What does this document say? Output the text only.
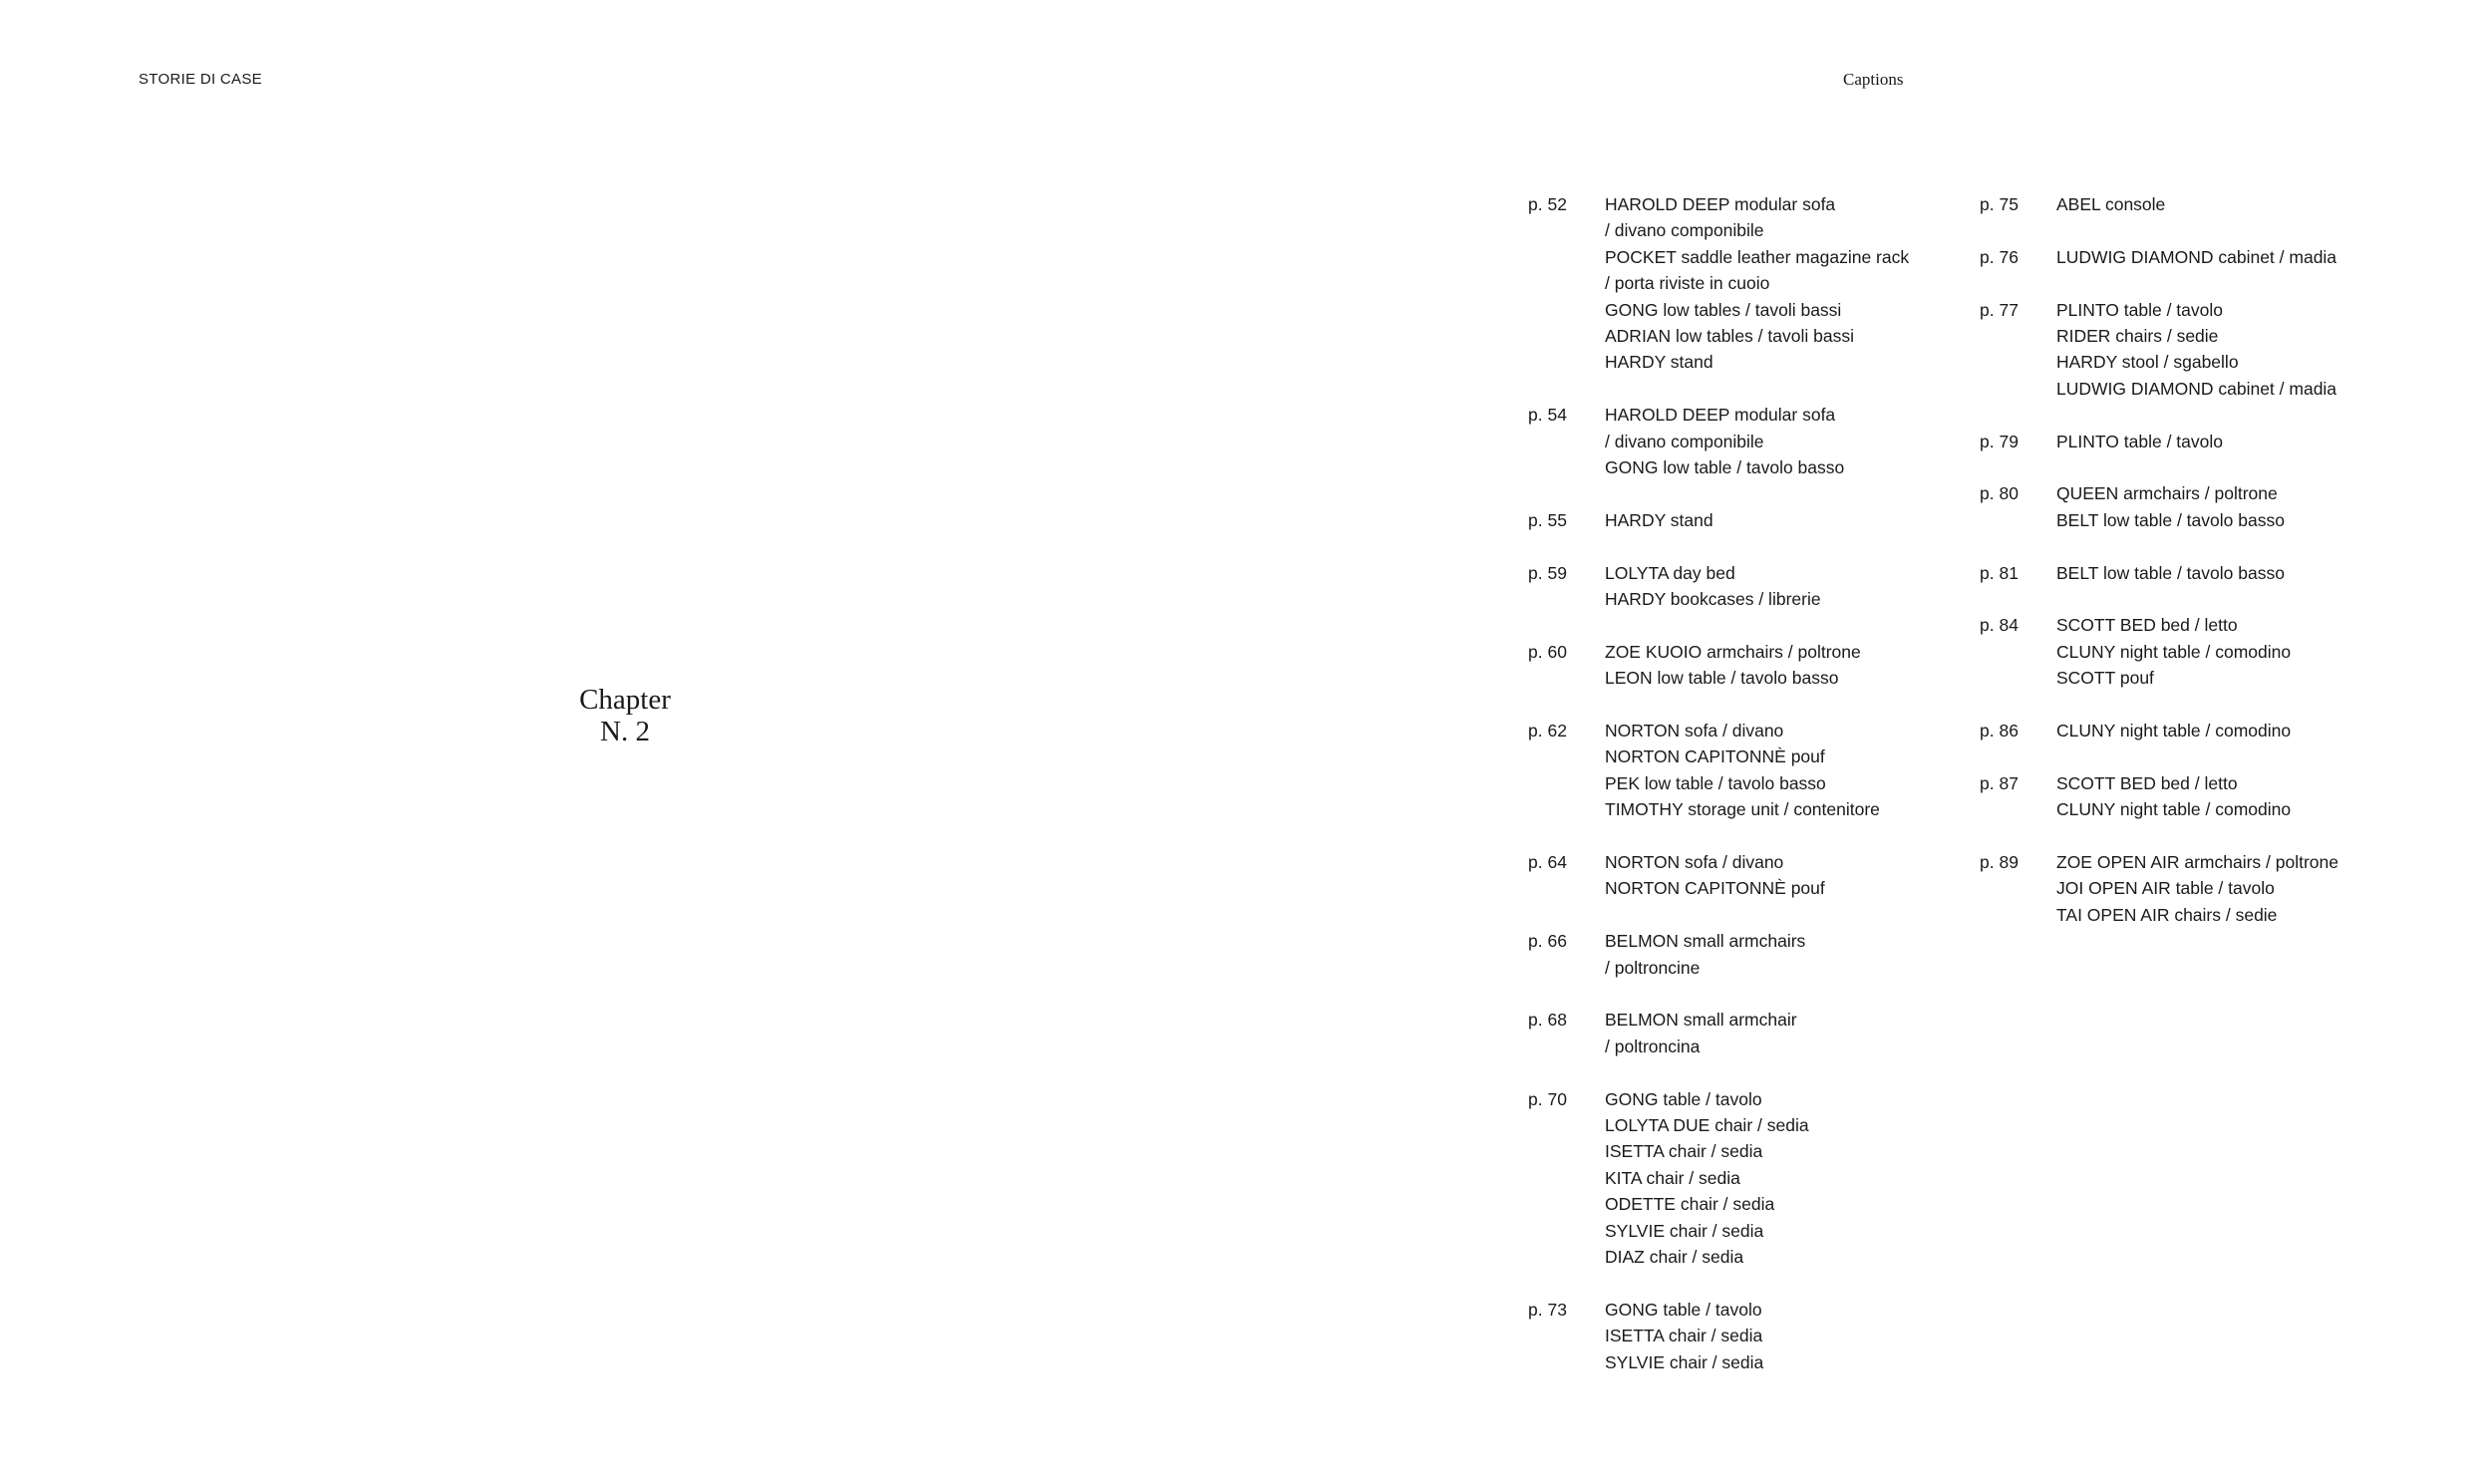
STORIE DI CASE	Captions
Chapter
N. 2
p. 52	HAROLD DEEP modular sofa
/ divano componibile
POCKET saddle leather magazine rack
/ porta riviste in cuoio
GONG low tables / tavoli bassi
ADRIAN low tables / tavoli bassi
HARDY stand
p. 54	HAROLD DEEP modular sofa
/ divano componibile
GONG low table / tavolo basso
p. 55	HARDY stand
p. 59	LOLYTA day bed
HARDY bookcases / librerie
p. 60	ZOE KUOIO armchairs / poltrone
LEON low table / tavolo basso
p. 62	NORTON sofa / divano
NORTON CAPITONNÈ pouf
PEK low table / tavolo basso
TIMOTHY storage unit / contenitore
p. 64	NORTON sofa / divano
NORTON CAPITONNÈ pouf
p. 66	BELMON small armchairs
/ poltroncine
p. 68	BELMON small armchair
/ poltroncina
p. 70	GONG table / tavolo
LOLYTA DUE chair / sedia
ISETTA chair / sedia
KITA chair / sedia
ODETTE chair / sedia
SYLVIE chair / sedia
DIAZ chair / sedia
p. 73	GONG table / tavolo
ISETTA chair / sedia
SYLVIE chair / sedia
p. 75	ABEL console
p. 76	LUDWIG DIAMOND cabinet / madia
p. 77	PLINTO table / tavolo
RIDER chairs / sedie
HARDY stool / sgabello
LUDWIG DIAMOND cabinet / madia
p. 79	PLINTO table / tavolo
p. 80	QUEEN armchairs / poltrone
BELT low table / tavolo basso
p. 81	BELT low table / tavolo basso
p. 84	SCOTT BED bed / letto
CLUNY night table / comodino
SCOTT pouf
p. 86	CLUNY night table / comodino
p. 87	SCOTT BED bed / letto
CLUNY night table / comodino
p. 89	ZOE OPEN AIR armchairs / poltrone
JOI OPEN AIR table / tavolo
TAI OPEN AIR chairs / sedie
